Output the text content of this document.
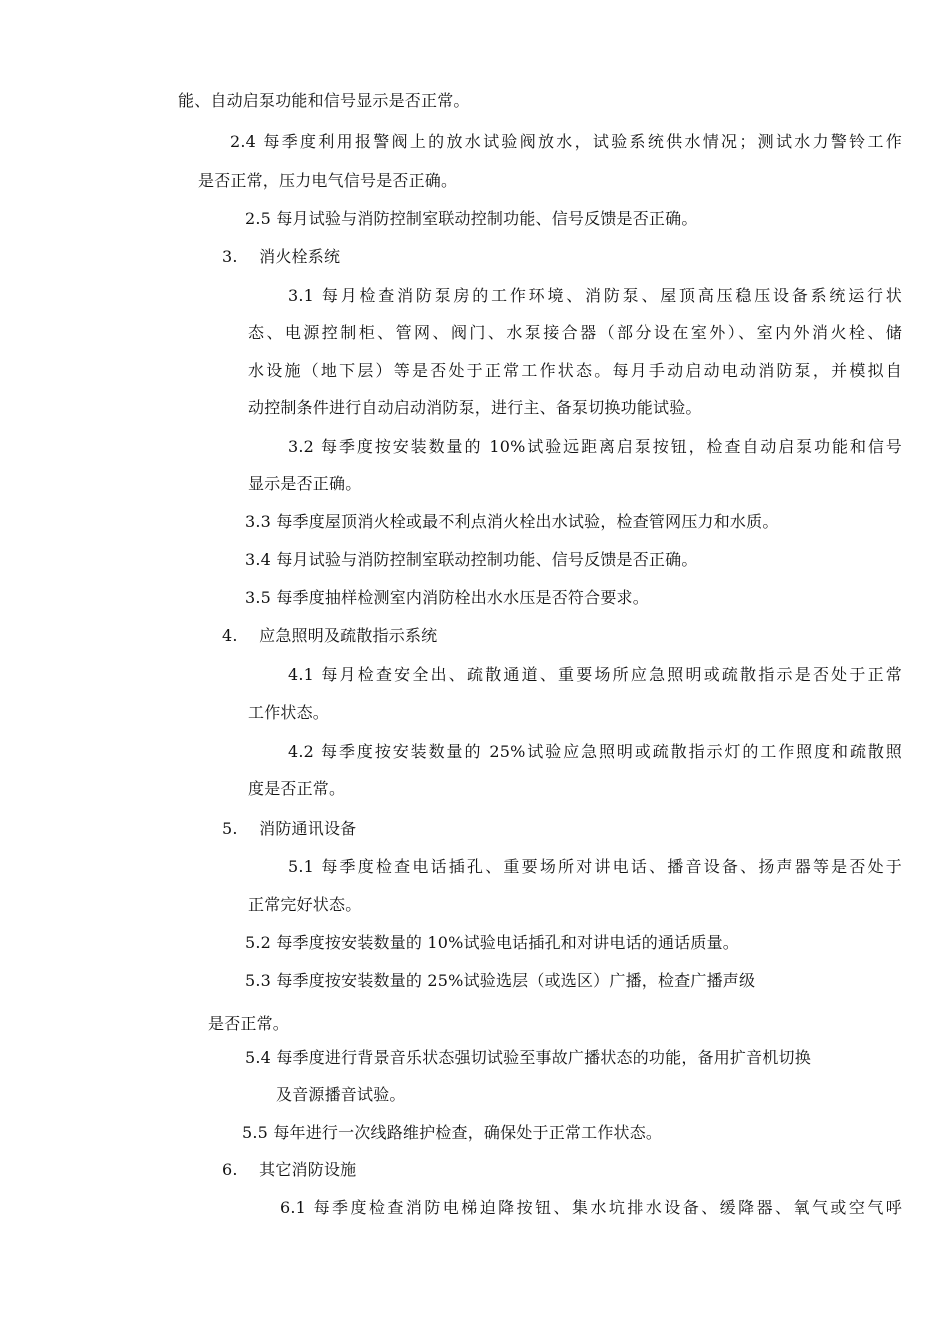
能、自动启泵功能和信号显示是否正常。
2.4 每季度利用报警阀上的放水试验阀放水，试验系统供水情况；测试水力警铃工作
是否正常，压力电气信号是否正确。
2.5 每月试验与消防控制室联动控制功能、信号反馈是否正确。
3.　 消火栓系统
3.1 每月检查消防泵房的工作环境、消防泵、屋顶高压稳压设备系统运行状
态、电源控制柜、管网、阀门、水泵接合器（部分设在室外）、室内外消火栓、储
水设施（地下层）等是否处于正常工作状态。每月手动启动电动消防泵，并模拟自
动控制条件进行自动启动消防泵，进行主、备泵切换功能试验。
3.2 每季度按安装数量的 10%试验远距离启泵按钮，检查自动启泵功能和信号
显示是否正确。
3.3 每季度屋顶消火栓或最不利点消火栓出水试验，检查管网压力和水质。
3.4 每月试验与消防控制室联动控制功能、信号反馈是否正确。
3.5 每季度抽样检测室内消防栓出水水压是否符合要求。
4.　 应急照明及疏散指示系统
4.1 每月检查安全出、疏散通道、重要场所应急照明或疏散指示是否处于正常
工作状态。
4.2 每季度按安装数量的 25%试验应急照明或疏散指示灯的工作照度和疏散照
度是否正常。
5.　 消防通讯设备
5.1 每季度检查电话插孔、重要场所对讲电话、播音设备、扬声器等是否处于
正常完好状态。
5.2 每季度按安装数量的 10%试验电话插孔和对讲电话的通话质量。
5.3 每季度按安装数量的 25%试验选层（或选区）广播，检查广播声级
是否正常。
5.4 每季度进行背景音乐状态强切试验至事故广播状态的功能，备用扩音机切换
及音源播音试验。
5.5 每年进行一次线路维护检查，确保处于正常工作状态。
6.　 其它消防设施
6.1 每季度检查消防电梯迫降按钮、集水坑排水设备、缓降器、氧气或空气呼
